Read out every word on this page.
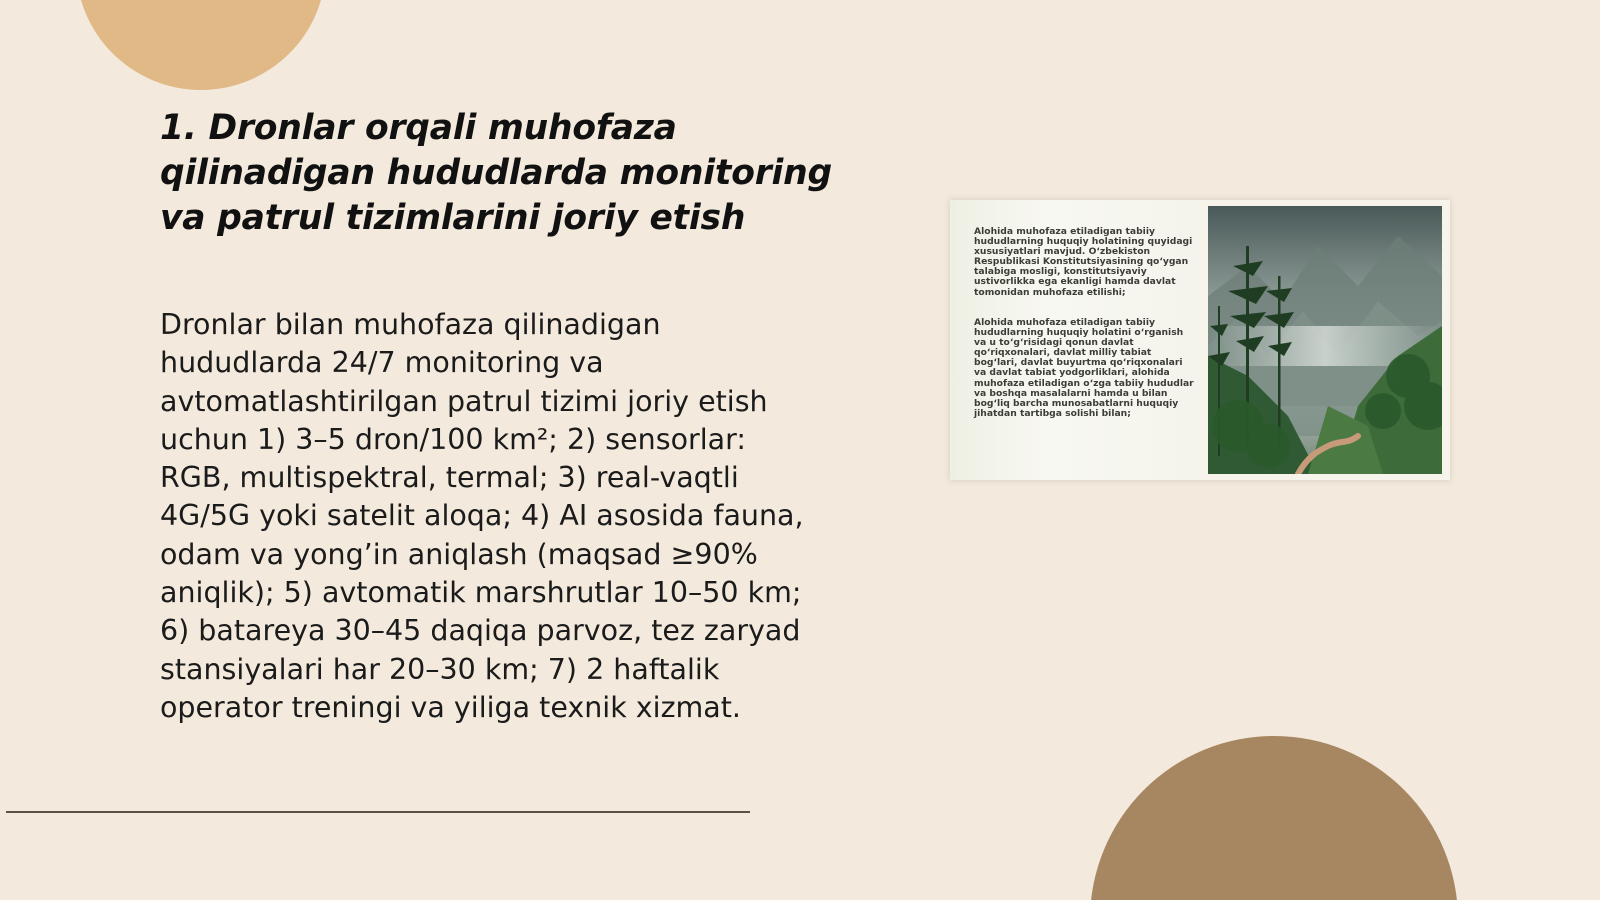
1. Dronlar orqali muhofaza qilinadigan hududlarda monitoring va patrul tizimlarini joriy etish

Dronlar bilan muhofaza qilinadigan
hududlarda 24/7 monitoring va
avtomatlashtirilgan patrul tizimi joriy etish
uchun 1) 3–5 dron/100 km²; 2) sensorlar:
RGB, multispektral, termal; 3) real-vaqtli
4G/5G yoki satelit aloqa; 4) AI asosida fauna,
odam va yong’in aniqlash (maqsad ≥90%
aniqlik); 5) avtomatik marshrutlar 10–50 km;
6) batareya 30–45 daqiqa parvoz, tez zaryad
stansiyalari har 20–30 km; 7) 2 haftalik
operator treningi va yiliga texnik xizmat.

Alohida muhofaza etiladigan tabiiy hududlarning huquqiy holatining quyidagi xususiyatlari mavjud. O‘zbekiston Respublikasi Konstitutsiyasining qo‘ygan talabiga mosligi, konstitutsiyaviy ustivorlikka ega ekanligi hamda davlat tomonidan muhofaza etilishi;

Alohida muhofaza etiladigan tabiiy hududlarning huquqiy holatini o‘rganish va u to‘g‘risidagi qonun davlat qo‘riqxonalari, davlat milliy tabiat bog‘lari, davlat buyurtma qo‘riqxonalari va davlat tabiat yodgorliklari, alohida muhofaza etiladigan o‘zga tabiiy hududlar va boshqa masalalarni hamda u bilan bog‘liq barcha munosabatlarni huquqiy jihatdan tartibga solishi bilan;
